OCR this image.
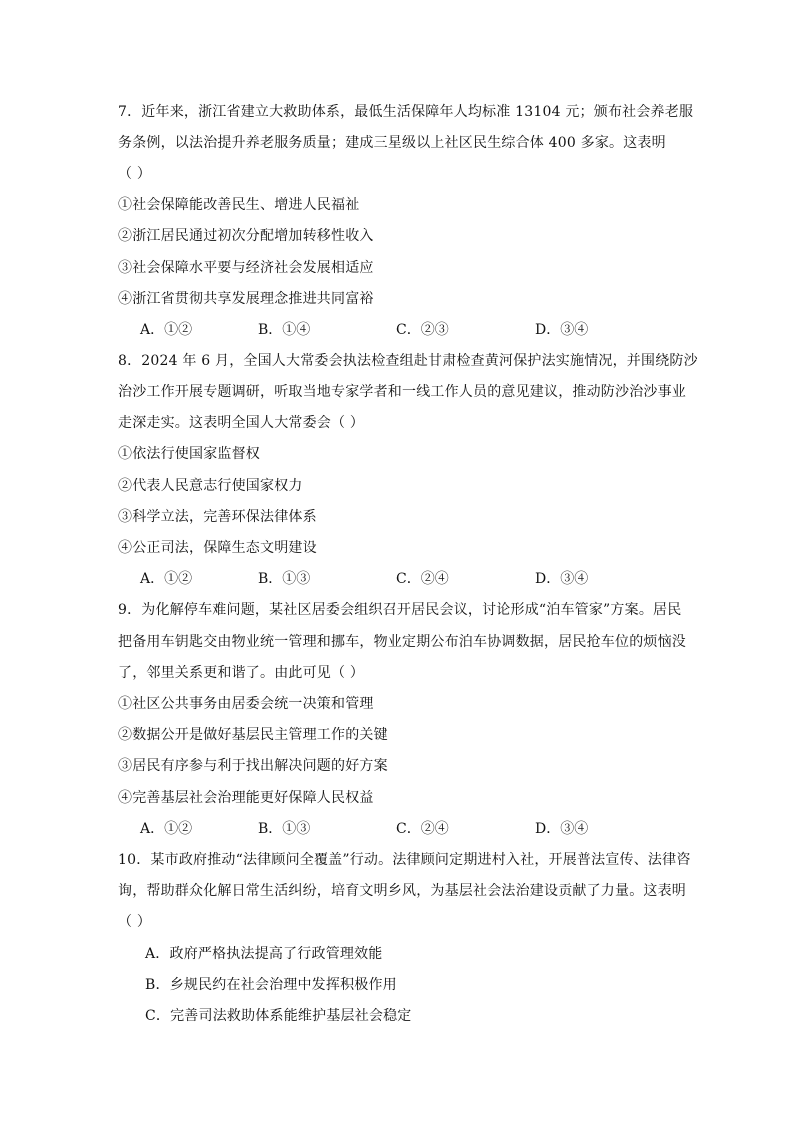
7．近年来，浙江省建立大救助体系，最低生活保障年人均标准 13104 元；颁布社会养老服
务条例，以法治提升养老服务质量；建成三星级以上社区民生综合体 400 多家。这表明
（ ）
①社会保障能改善民生、增进人民福祉
②浙江居民通过初次分配增加转移性收入
③社会保障水平要与经济社会发展相适应
④浙江省贯彻共享发展理念推进共同富裕
A．①②	B．①④	C．②③	D．③④
8．2024 年 6 月，全国人大常委会执法检查组赴甘肃检查黄河保护法实施情况，并围绕防沙
治沙工作开展专题调研，听取当地专家学者和一线工作人员的意见建议，推动防沙治沙事业
走深走实。这表明全国人大常委会（ ）
①依法行使国家监督权
②代表人民意志行使国家权力
③科学立法，完善环保法律体系
④公正司法，保障生态文明建设
A．①②	B．①③	C．②④	D．③④
9．为化解停车难问题，某社区居委会组织召开居民会议，讨论形成“泊车管家”方案。居民
把备用车钥匙交由物业统一管理和挪车，物业定期公布泊车协调数据，居民抢车位的烦恼没
了，邻里关系更和谐了。由此可见（ ）
①社区公共事务由居委会统一决策和管理
②数据公开是做好基层民主管理工作的关键
③居民有序参与利于找出解决问题的好方案
④完善基层社会治理能更好保障人民权益
A．①②	B．①③	C．②④	D．③④
10．某市政府推动“法律顾问全覆盖”行动。法律顾问定期进村入社，开展普法宣传、法律咨
询，帮助群众化解日常生活纠纷，培育文明乡风，为基层社会法治建设贡献了力量。这表明
（ ）
A．政府严格执法提高了行政管理效能
B．乡规民约在社会治理中发挥积极作用
C．完善司法救助体系能维护基层社会稳定
